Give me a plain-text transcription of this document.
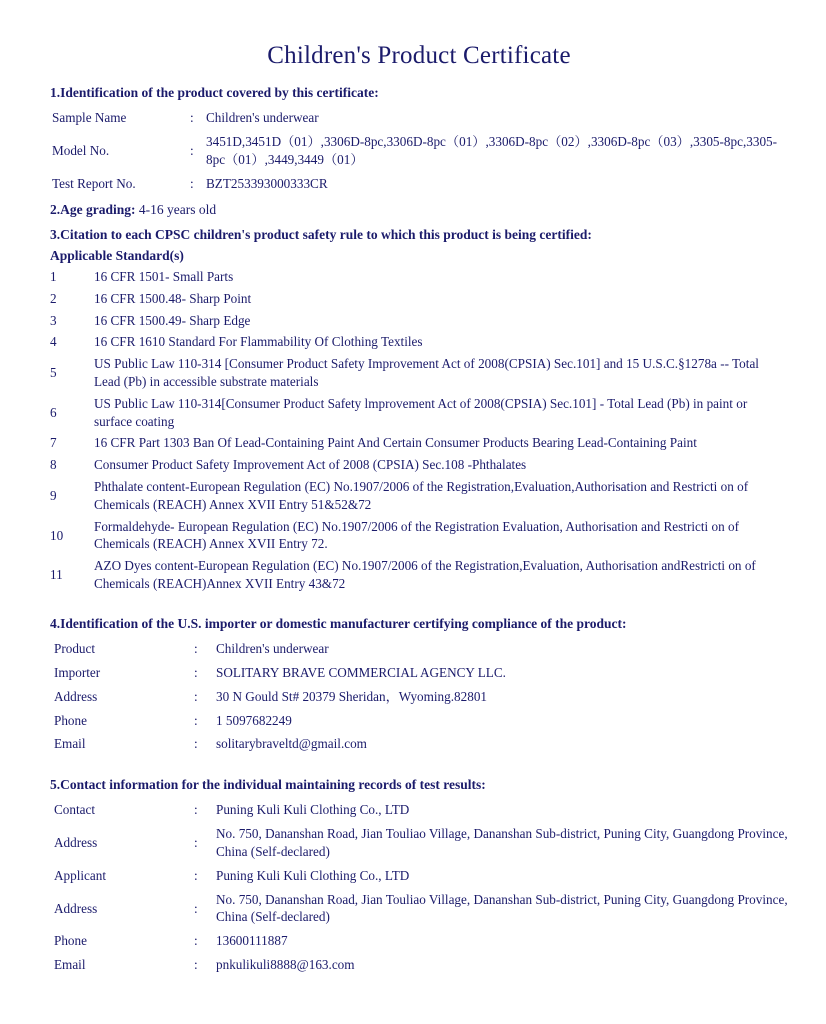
Children's Product Certificate
1.Identification of the product covered by this certificate:
Sample Name	:	Children's underwear
Model No.	:	3451D,3451D（01）,3306D-8pc,3306D-8pc（01）,3306D-8pc（02）,3306D-8pc（03）,3305-8pc,3305-8pc（01）,3449,3449（01）
Test Report No.	:	BZT253393000333CR
2.Age grading: 4-16 years old
3.Citation to each CPSC children's product safety rule to which this product is being certified:
Applicable Standard(s)
1	16 CFR 1501- Small Parts
2	16 CFR 1500.48- Sharp Point
3	16 CFR 1500.49- Sharp Edge
4	16 CFR 1610 Standard For Flammability Of Clothing Textiles
5	US Public Law 110-314 [Consumer Product Safety Improvement Act of 2008(CPSIA) Sec.101] and 15 U.S.C.§1278a -- Total Lead (Pb) in accessible substrate materials
6	US Public Law 110-314[Consumer Product Safety lmprovement Act of 2008(CPSIA) Sec.101] - Total Lead (Pb) in paint or surface coating
7	16 CFR Part 1303 Ban Of Lead-Containing Paint And Certain Consumer Products Bearing Lead-Containing Paint
8	Consumer Product Safety Improvement Act of 2008 (CPSIA) Sec.108 -Phthalates
9	Phthalate content-European Regulation (EC) No.1907/2006 of the Registration,Evaluation,Authorisation and Restricti on of Chemicals (REACH) Annex XVII Entry 51&52&72
10	Formaldehyde- European Regulation (EC) No.1907/2006 of the Registration Evaluation, Authorisation and Restricti on of Chemicals (REACH) Annex XVII Entry 72.
11	AZO Dyes content-European Regulation (EC) No.1907/2006 of the Registration,Evaluation, Authorisation andRestricti on of Chemicals (REACH)Annex XVII Entry 43&72
4.Identification of the U.S. importer or domestic manufacturer certifying compliance of the product:
Product	:	Children's underwear
Importer	:	SOLITARY BRAVE COMMERCIAL AGENCY LLC.
Address	:	30 N Gould St# 20379 Sheridan，Wyoming.82801
Phone	:	1 5097682249
Email	:	solitarybraveltd@gmail.com
5.Contact information for the individual maintaining records of test results:
Contact	:	Puning Kuli Kuli Clothing Co., LTD
Address	:	No. 750, Dananshan Road, Jian Touliao Village, Dananshan Sub-district, Puning City, Guangdong Province, China (Self-declared)
Applicant	:	Puning Kuli Kuli Clothing Co., LTD
Address	:	No. 750, Dananshan Road, Jian Touliao Village, Dananshan Sub-district, Puning City, Guangdong Province, China (Self-declared)
Phone	:	13600111887
Email	:	pnkulikuli8888@163.com
